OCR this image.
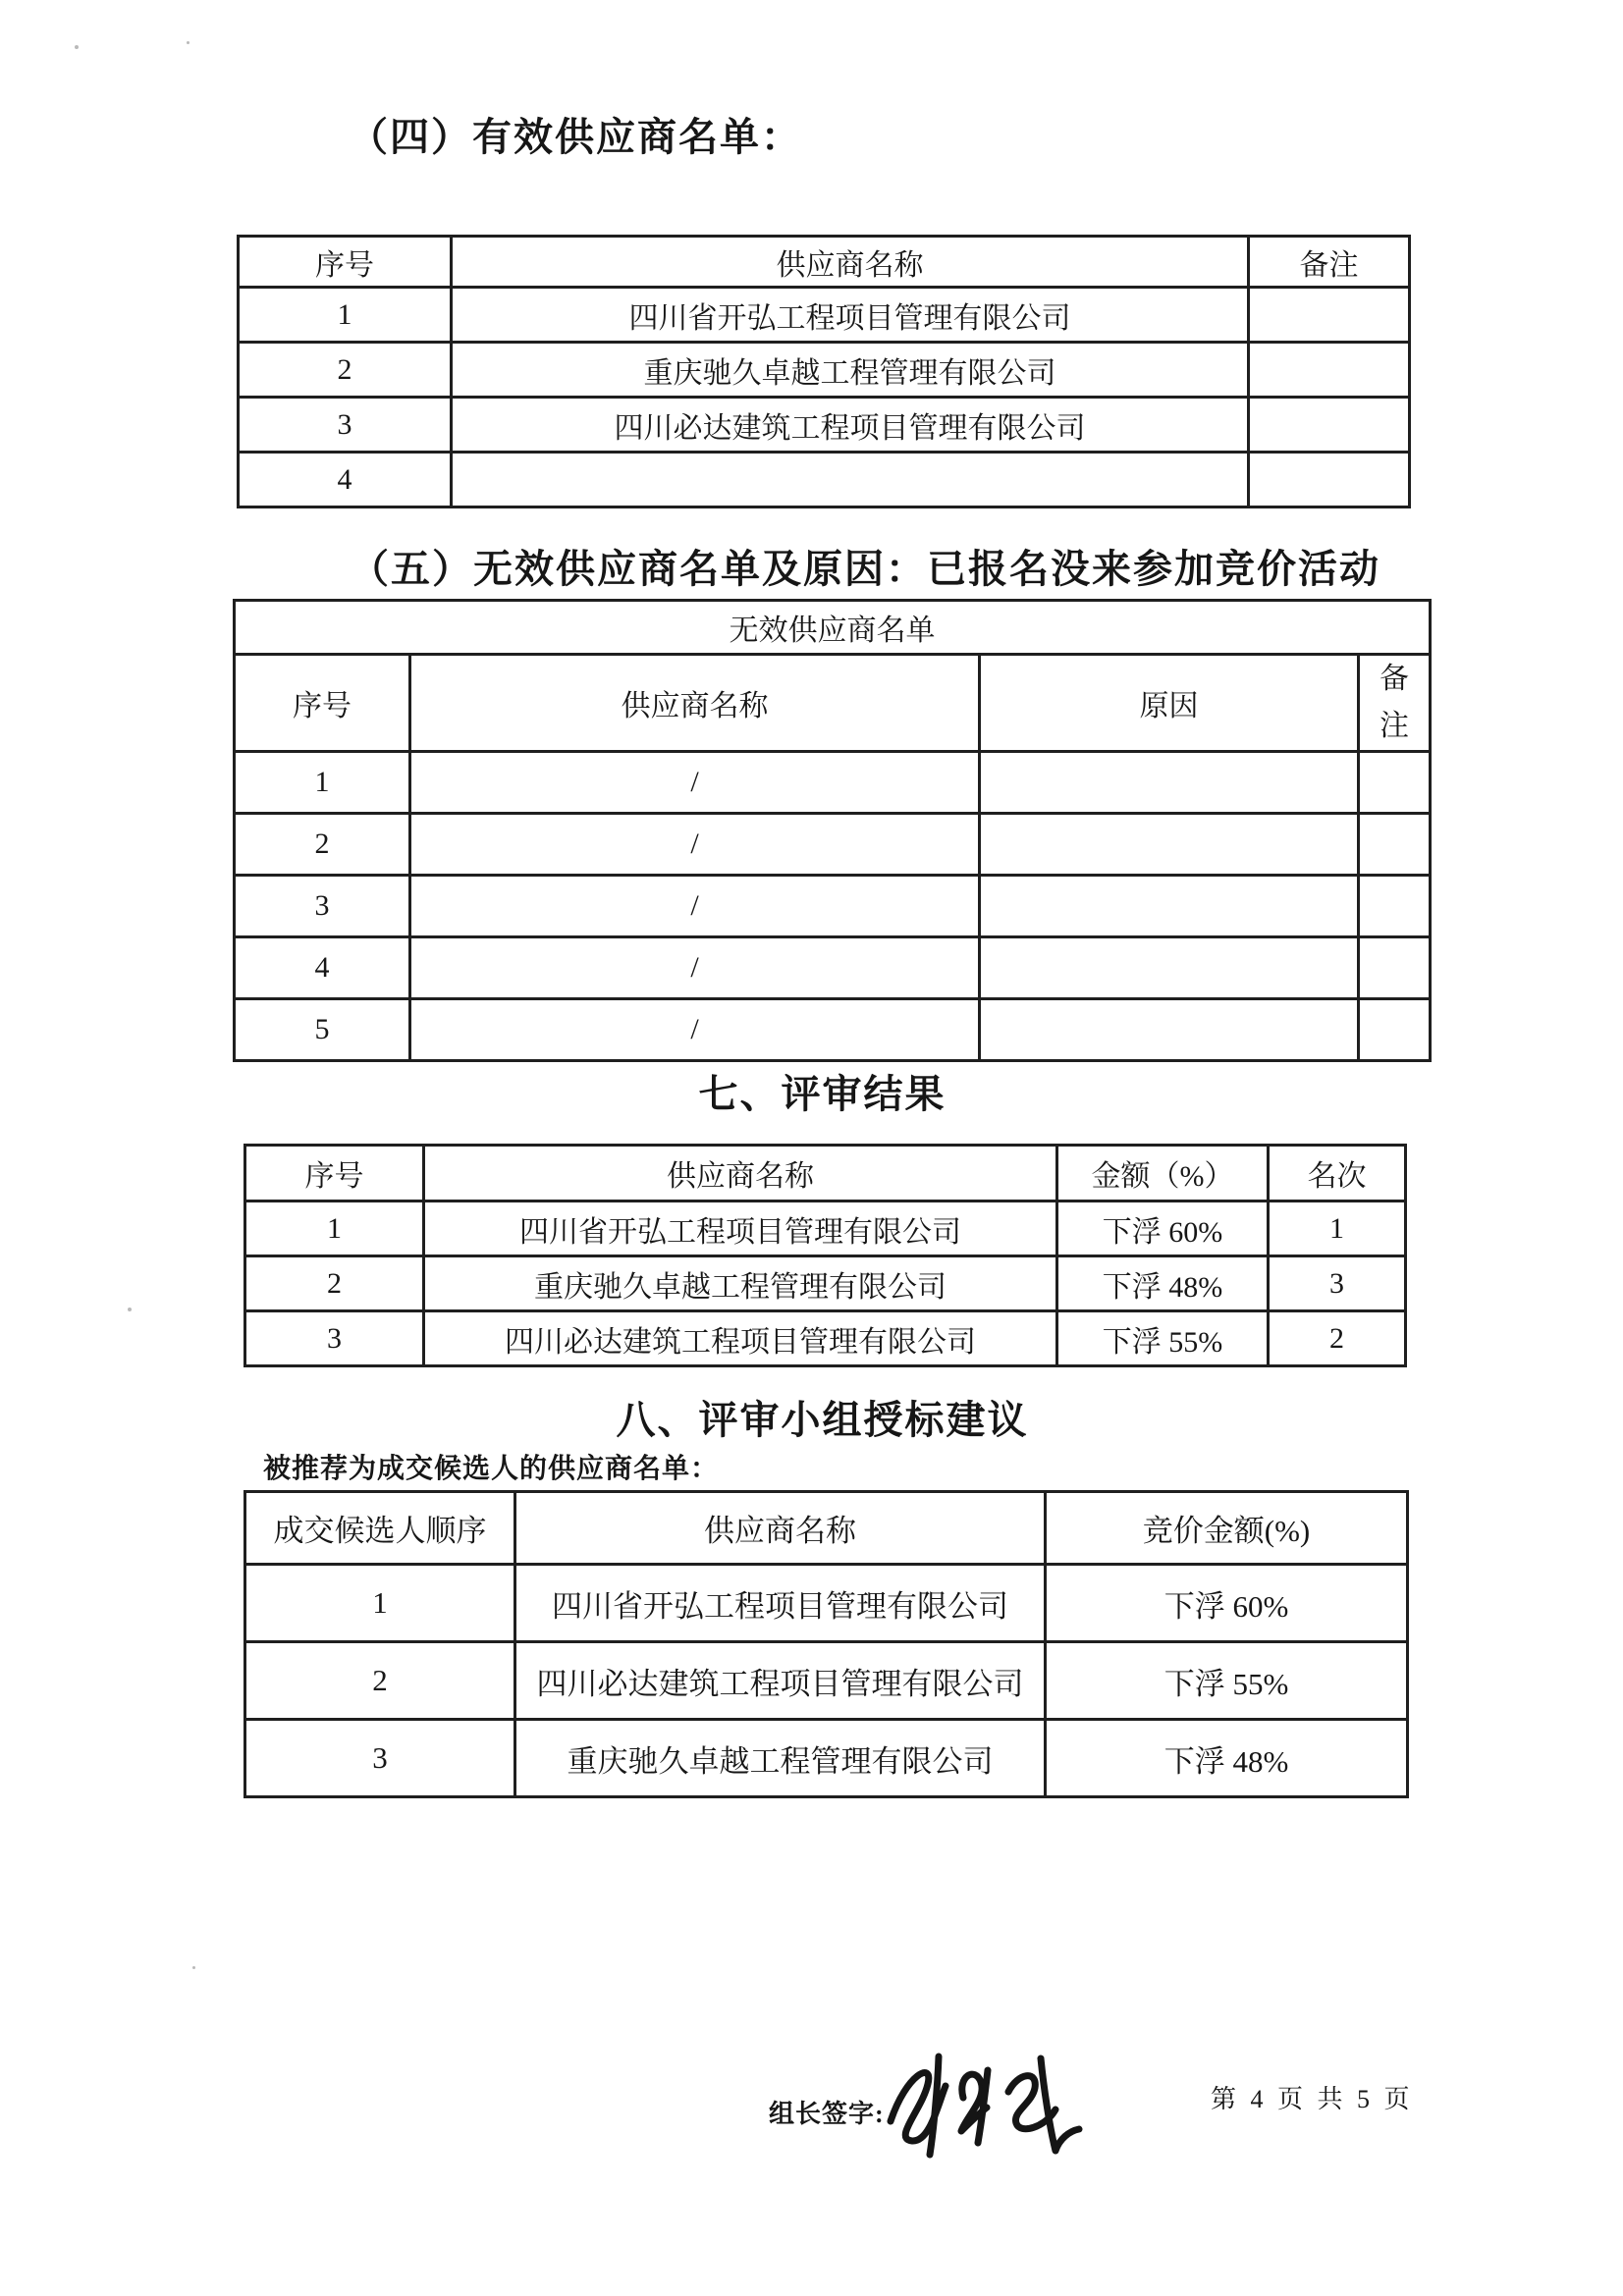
（四）有效供应商名单：
序号	供应商名称	备注
1	四川省开弘工程项目管理有限公司	
2	重庆驰久卓越工程管理有限公司	
3	四川必达建筑工程项目管理有限公司	
4		
（五）无效供应商名单及原因：已报名没来参加竞价活动
无效供应商名单			
序号	供应商名称	原因	备注
1	/		
2	/		
3	/		
4	/		
5	/		
七、评审结果
序号	供应商名称	金额（%）	名次
1	四川省开弘工程项目管理有限公司	下浮 60%	1
2	重庆驰久卓越工程管理有限公司	下浮 48%	3
3	四川必达建筑工程项目管理有限公司	下浮 55%	2
八、评审小组授标建议
被推荐为成交候选人的供应商名单：
成交候选人顺序	供应商名称	竞价金额(%)
1	四川省开弘工程项目管理有限公司	下浮 60%
2	四川必达建筑工程项目管理有限公司	下浮 55%
3	重庆驰久卓越工程管理有限公司	下浮 48%
组长签字:
第 4 页 共 5 页
